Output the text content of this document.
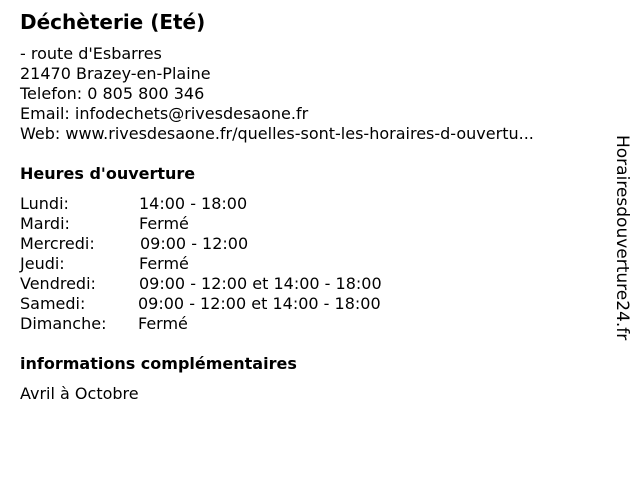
Déchèterie (Eté)
- route d'Esbarres
21470 Brazey-en-Plaine
Telefon: 0 805 800 346
Email: infodechets@rivesdesaone.fr
Web: www.rivesdesaone.fr/quelles-sont-les-horaires-d-ouvertu...
Heures d'ouverture
Lundi:	14:00 - 18:00
Mardi:	Fermé
Mercredi:	09:00 - 12:00
Jeudi:	Fermé
Vendredi:	09:00 - 12:00 et 14:00 - 18:00
Samedi:	09:00 - 12:00 et 14:00 - 18:00
Dimanche: Fermé
informations complémentaires
Avril à Octobre
Horairesdouverture24.fr
